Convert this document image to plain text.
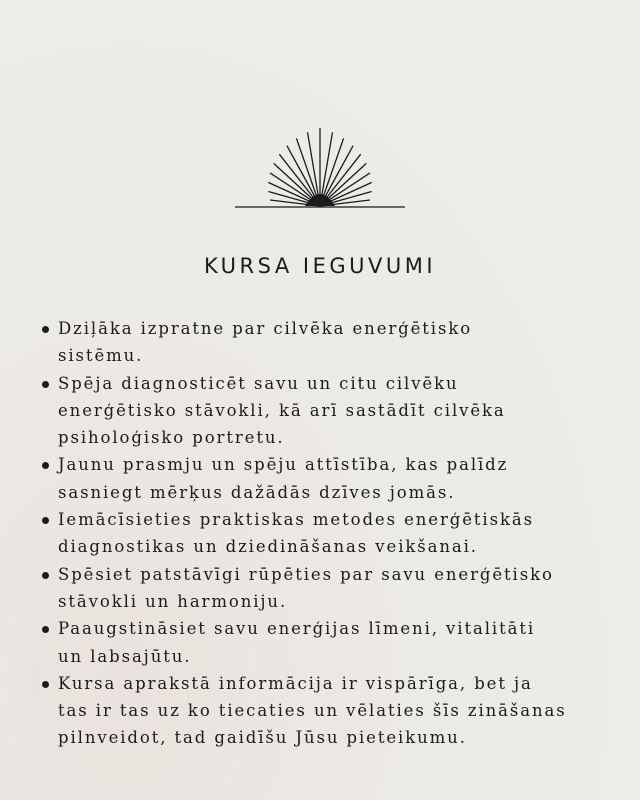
KURSA IEGUVUMI
Dziļāka izpratne par cilvēka enerģētisko
sistēmu.
Spēja diagnosticēt savu un citu cilvēku
enerģētisko stāvokli, kā arī sastādīt cilvēka
psiholoģisko portretu.
Jaunu prasmju un spēju attīstība, kas palīdz
sasniegt mērķus dažādās dzīves jomās.
Iemācīsieties praktiskas metodes enerģētiskās
diagnostikas un dziedināšanas veikšanai.
Spēsiet patstāvīgi rūpēties par savu enerģētisko
stāvokli un harmoniju.
Paaugstināsiet savu enerģijas līmeni, vitalitāti
un labsajūtu.
Kursa aprakstā informācija ir vispārīga, bet ja
tas ir tas uz ko tiecaties un vēlaties šīs zināšanas
pilnveidot, tad gaidīšu Jūsu pieteikumu.
